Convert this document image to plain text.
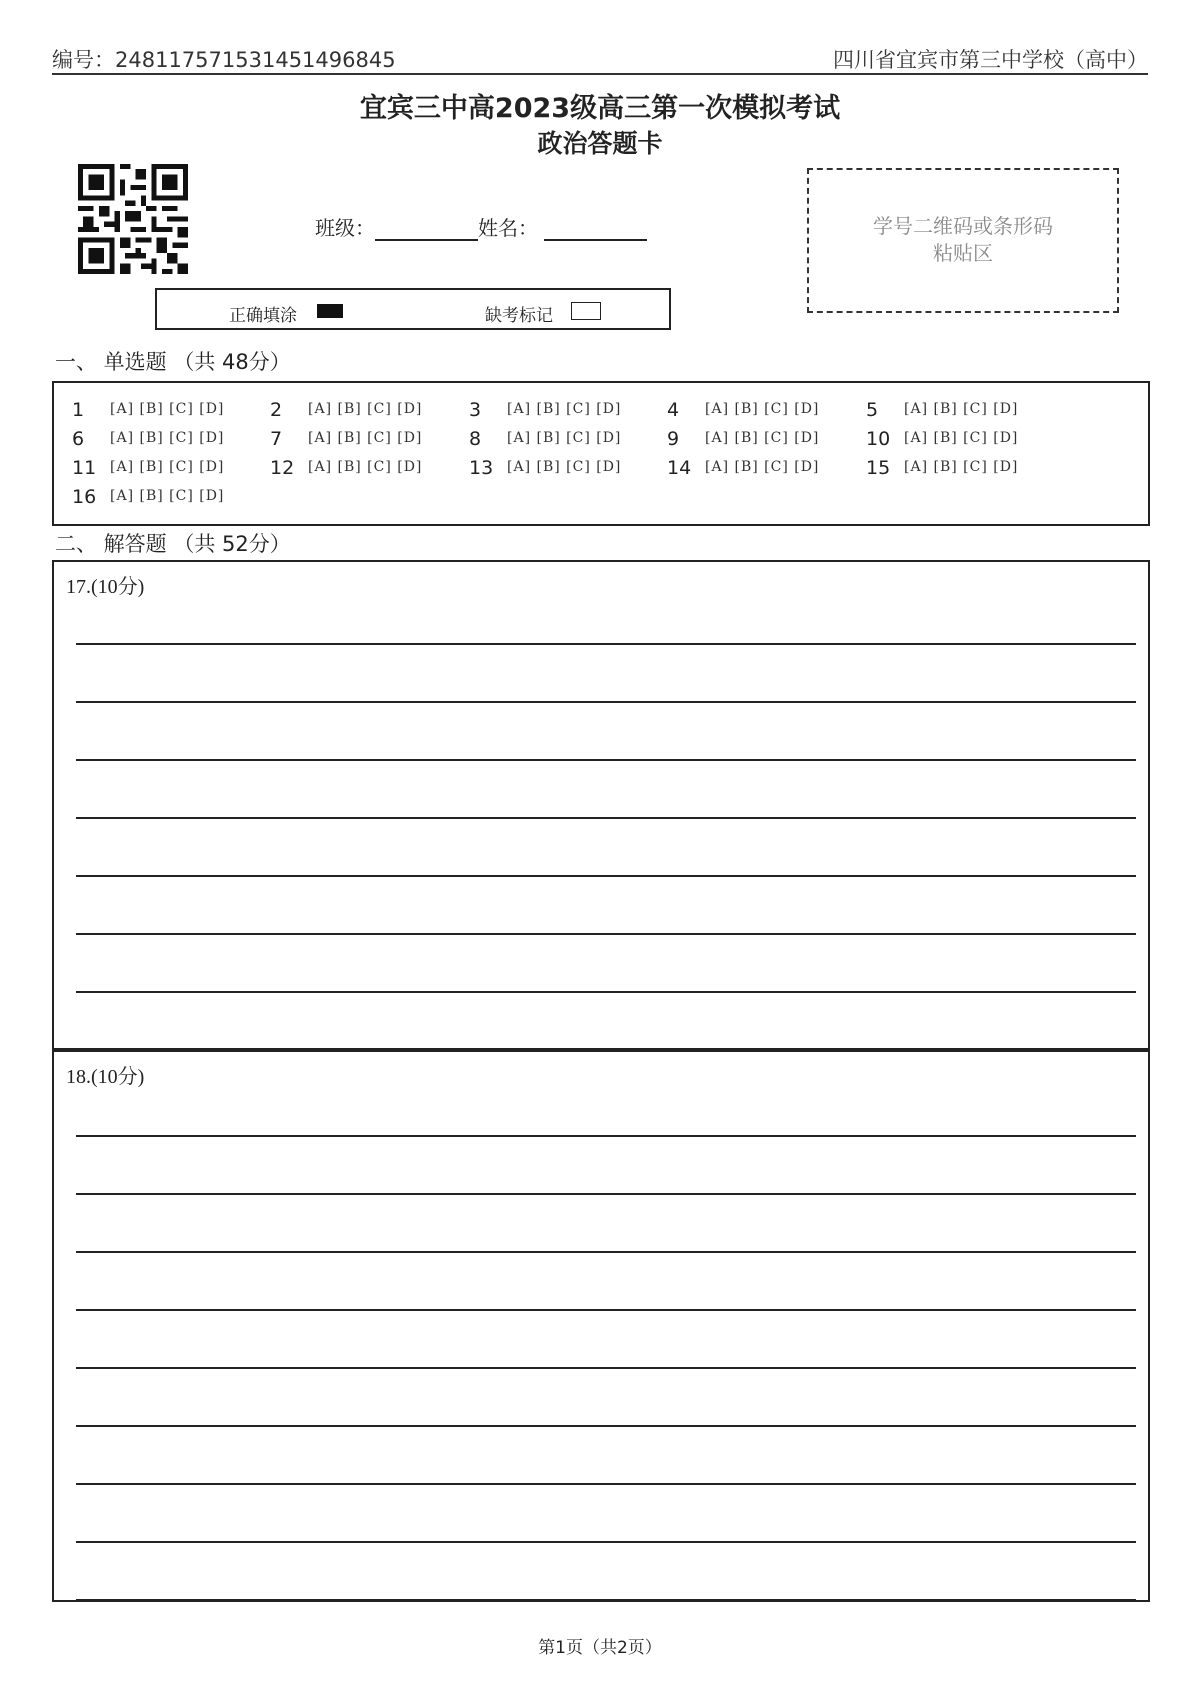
编号：24811757153145149684​5	四川省宜宾市第三中学校（高中）
宜宾三中高2023级高三第一次模拟考试
政治答题卡
班级：	姓名：
正确填涂	缺考标记
学号二维码或条形码
粘贴区
一、 单选题 （共 48分）
1 [A] [B] [C] [D] 2 [A] [B] [C] [D] 3 [A] [B] [C] [D] 4 [A] [B] [C] [D] 5 [A] [B] [C] [D]
6 [A] [B] [C] [D] 7 [A] [B] [C] [D] 8 [A] [B] [C] [D] 9 [A] [B] [C] [D] 10 [A] [B] [C] [D]
11 [A] [B] [C] [D] 12 [A] [B] [C] [D] 13 [A] [B] [C] [D] 14 [A] [B] [C] [D] 15 [A] [B] [C] [D]
16 [A] [B] [C] [D]
二、 解答题 （共 52分）
17.(10分)
18.(10分)
第1页（共2页）
